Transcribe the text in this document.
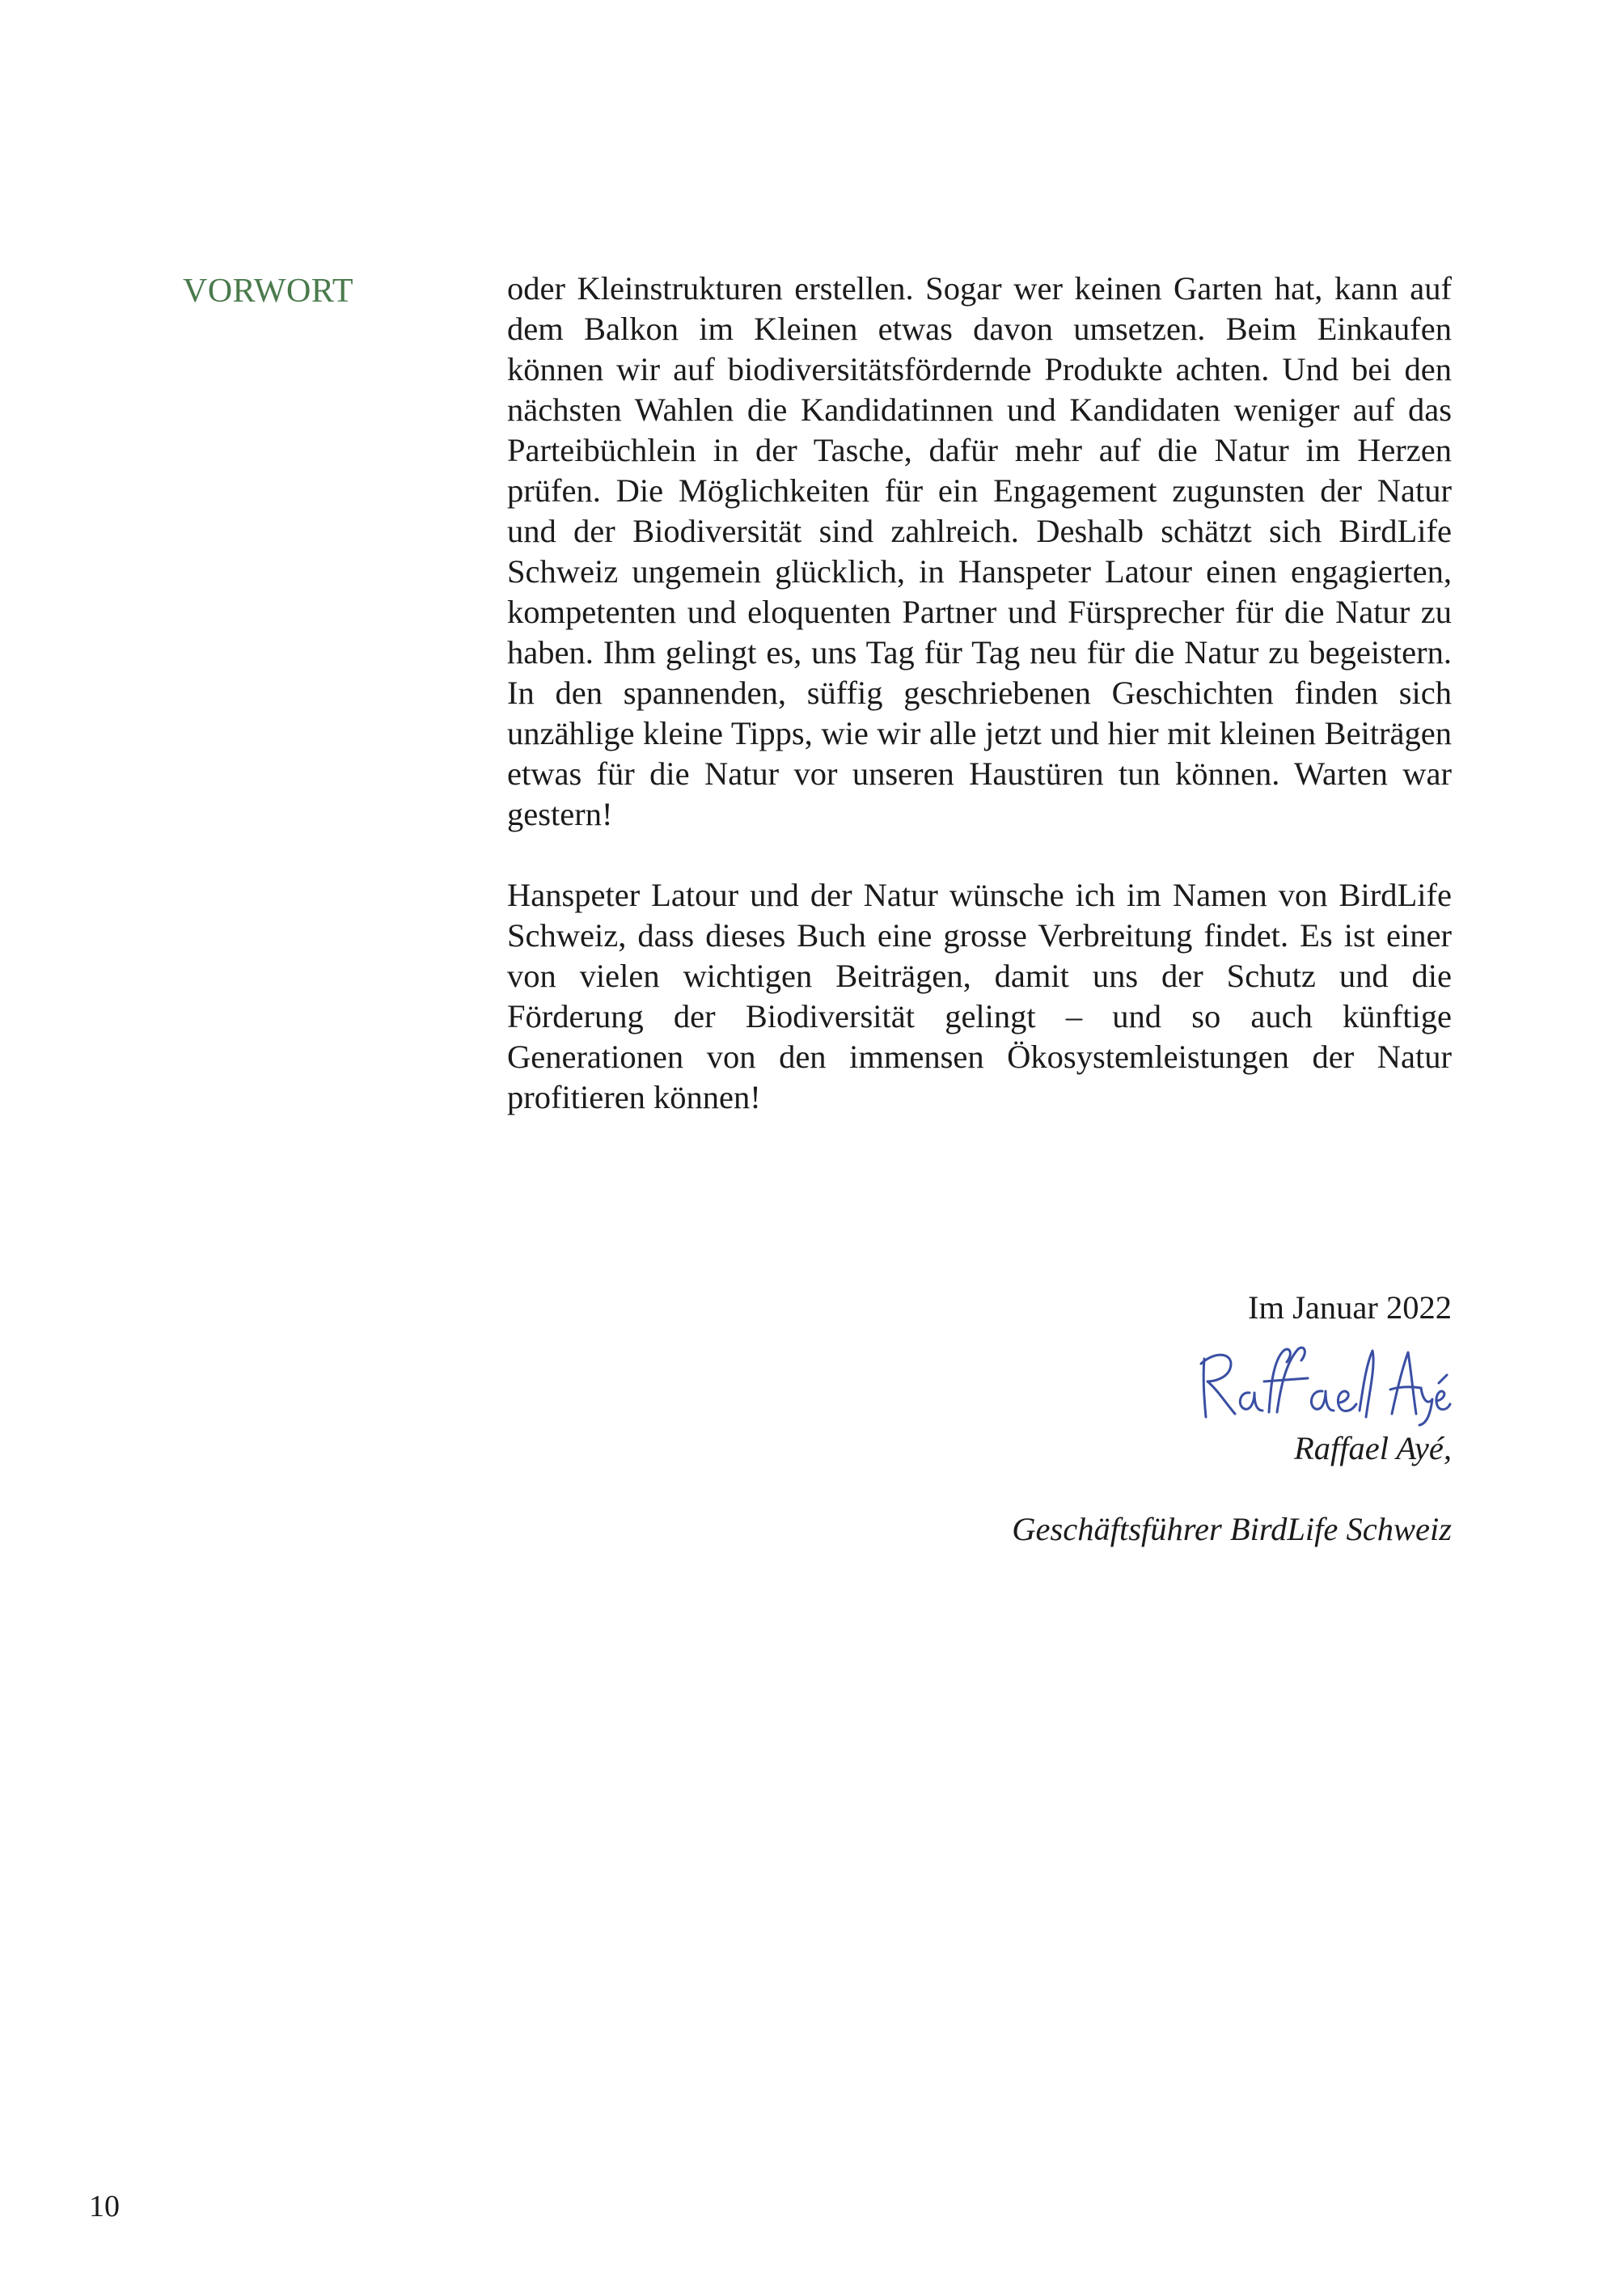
VORWORT	oder Kleinstrukturen erstellen. Sogar wer keinen Garten hat, kann auf dem Balkon im Kleinen etwas davon umsetzen. Beim Einkaufen können wir auf biodiversitätsfördernde Produkte achten. Und bei den nächsten Wahlen die Kandidatinnen und Kandidaten weniger auf das Parteibüchlein in der Tasche, dafür mehr auf die Natur im Herzen prüfen. Die Möglichkeiten für ein Engagement zugunsten der Natur und der Biodiversität sind zahlreich. Deshalb schätzt sich BirdLife Schweiz ungemein glücklich, in Hanspeter Latour einen engagierten, kompetenten und eloquenten Partner und Fürsprecher für die Natur zu haben. Ihm gelingt es, uns Tag für Tag neu für die Natur zu begeistern. In den spannenden, süffig geschriebenen Geschichten finden sich unzählige kleine Tipps, wie wir alle jetzt und hier mit kleinen Beiträgen etwas für die Natur vor unseren Haustüren tun können. Warten war gestern!

Hanspeter Latour und der Natur wünsche ich im Namen von BirdLife Schweiz, dass dieses Buch eine grosse Verbreitung findet. Es ist einer von vielen wichtigen Beiträgen, damit uns der Schutz und die Förderung der Biodiversität gelingt – und so auch künftige Generationen von den immensen Ökosystemleistungen der Natur profitieren können!

Im Januar 2022

Raffael Ayé,

Geschäftsführer BirdLife Schweiz

10
